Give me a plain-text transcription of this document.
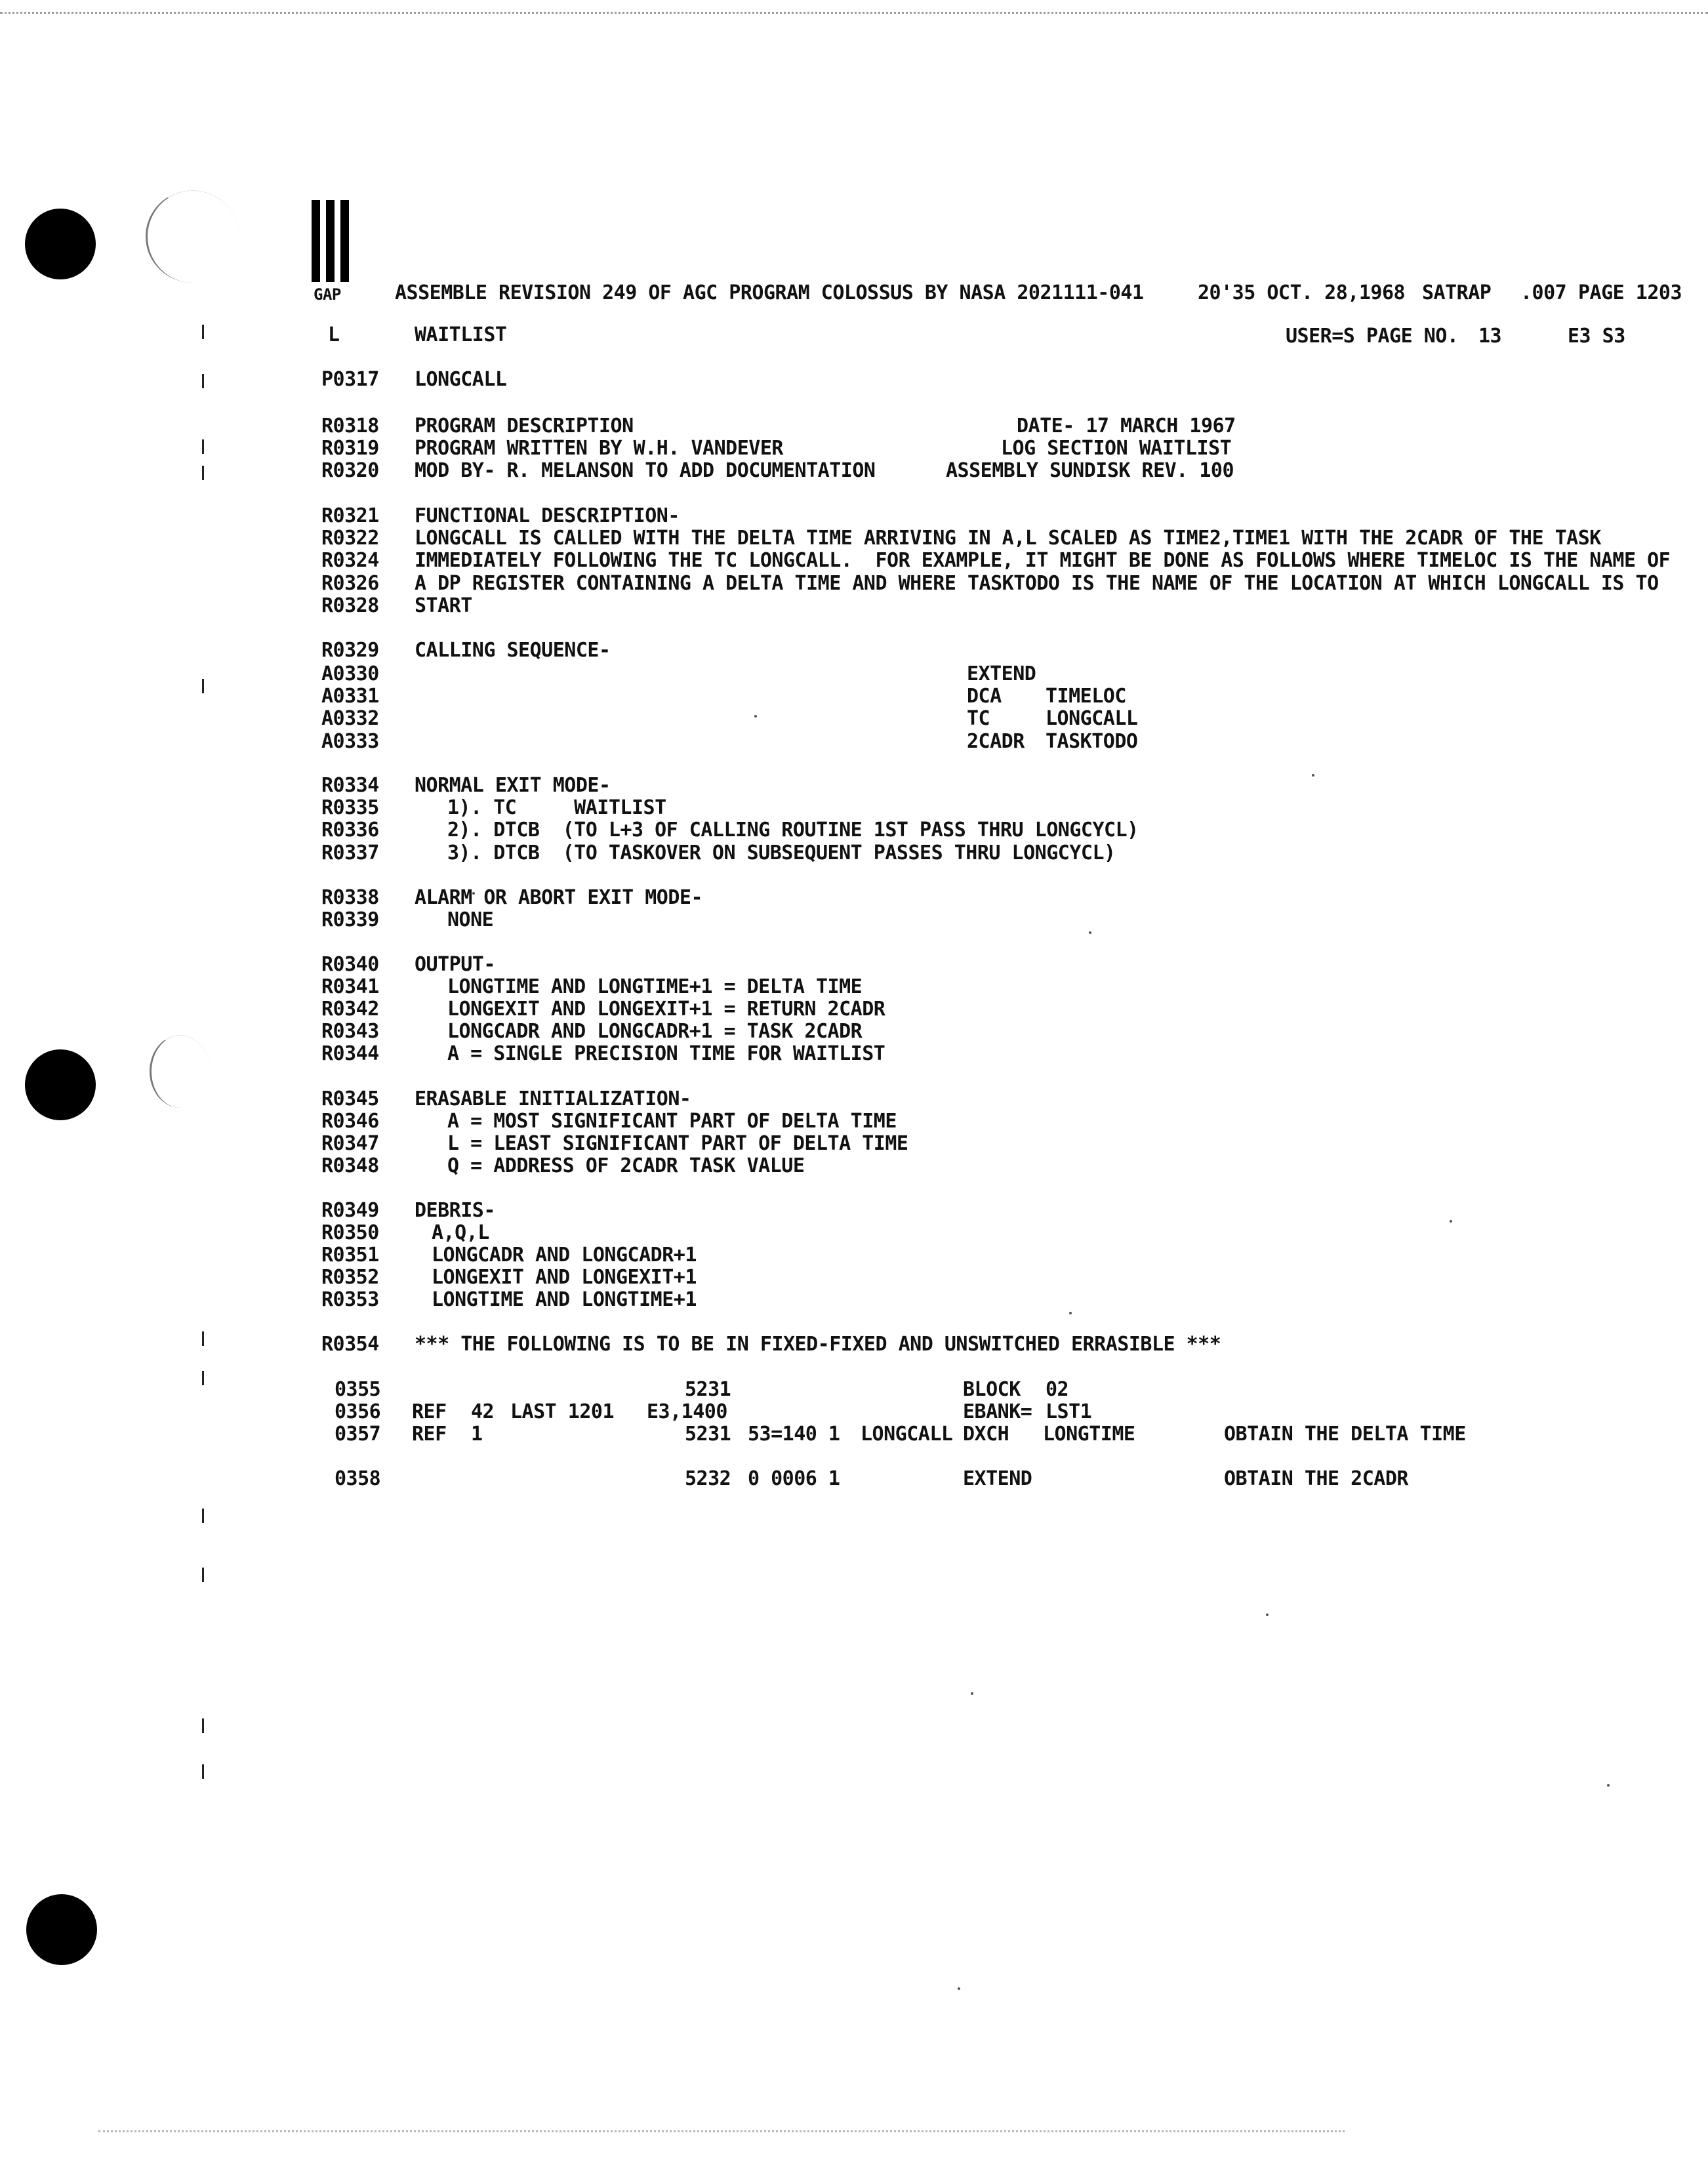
GAP	ASSEMBLE REVISION 249 OF AGC PROGRAM COLOSSUS BY NASA 2021111-041	20'35 OCT. 28,1968 SATRAP .007 PAGE 1203
L	WAITLIST	USER=S PAGE NO. 13	E3 S3
P0317 LONGCALL
R0318 PROGRAM DESCRIPTION	DATE- 17 MARCH 1967
R0319 PROGRAM WRITTEN BY W.H. VANDEVER	LOG SECTION WAITLIST
R0320 MOD BY- R. MELANSON TO ADD DOCUMENTATION	ASSEMBLY SUNDISK REV. 100
R0321 FUNCTIONAL DESCRIPTION-
R0322 LONGCALL IS CALLED WITH THE DELTA TIME ARRIVING IN A,L SCALED AS TIME2,TIME1 WITH THE 2CADR OF THE TASK
R0324 IMMEDIATELY FOLLOWING THE TC LONGCALL.  FOR EXAMPLE, IT MIGHT BE DONE AS FOLLOWS WHERE TIMELOC IS THE NAME OF
R0326 A DP REGISTER CONTAINING A DELTA TIME AND WHERE TASKTODO IS THE NAME OF THE LOCATION AT WHICH LONGCALL IS TO
R0328 START
R0329 CALLING SEQUENCE-
A0330	EXTEND
A0331	DCA TIMELOC
A0332	TC	LONGCALL
A0333	2CADR TASKTODO
R0334 NORMAL EXIT MODE-
R0335	1). TC     WAITLIST
R0336	2). DTCB  (TO L+3 OF CALLING ROUTINE 1ST PASS THRU LONGCYCL)
R0337	3). DTCB  (TO TASKOVER ON SUBSEQUENT PASSES THRU LONGCYCL)
R0338 ALARM OR ABORT EXIT MODE-
R0339	NONE
R0340 OUTPUT-
R0341	LONGTIME AND LONGTIME+1 = DELTA TIME
R0342	LONGEXIT AND LONGEXIT+1 = RETURN 2CADR
R0343	LONGCADR AND LONGCADR+1 = TASK 2CADR
R0344	A = SINGLE PRECISION TIME FOR WAITLIST
R0345 ERASABLE INITIALIZATION-
R0346	A = MOST SIGNIFICANT PART OF DELTA TIME
R0347	L = LEAST SIGNIFICANT PART OF DELTA TIME
R0348	Q = ADDRESS OF 2CADR TASK VALUE
R0349 DEBRIS-
R0350	A,Q,L
R0351	LONGCADR AND LONGCADR+1
R0352	LONGEXIT AND LONGEXIT+1
R0353	LONGTIME AND LONGTIME+1
R0354 *** THE FOLLOWING IS TO BE IN FIXED-FIXED AND UNSWITCHED ERRASIBLE ***
0355	5231	BLOCK 02
0356 REF 42 LAST 1201 E3,1400	EBANK= LST1
0357 REF 1	5231 53=140 1 LONGCALL DXCH LONGTIME	OBTAIN THE DELTA TIME
0358	5232 0 0006 1	EXTEND	OBTAIN THE 2CADR
